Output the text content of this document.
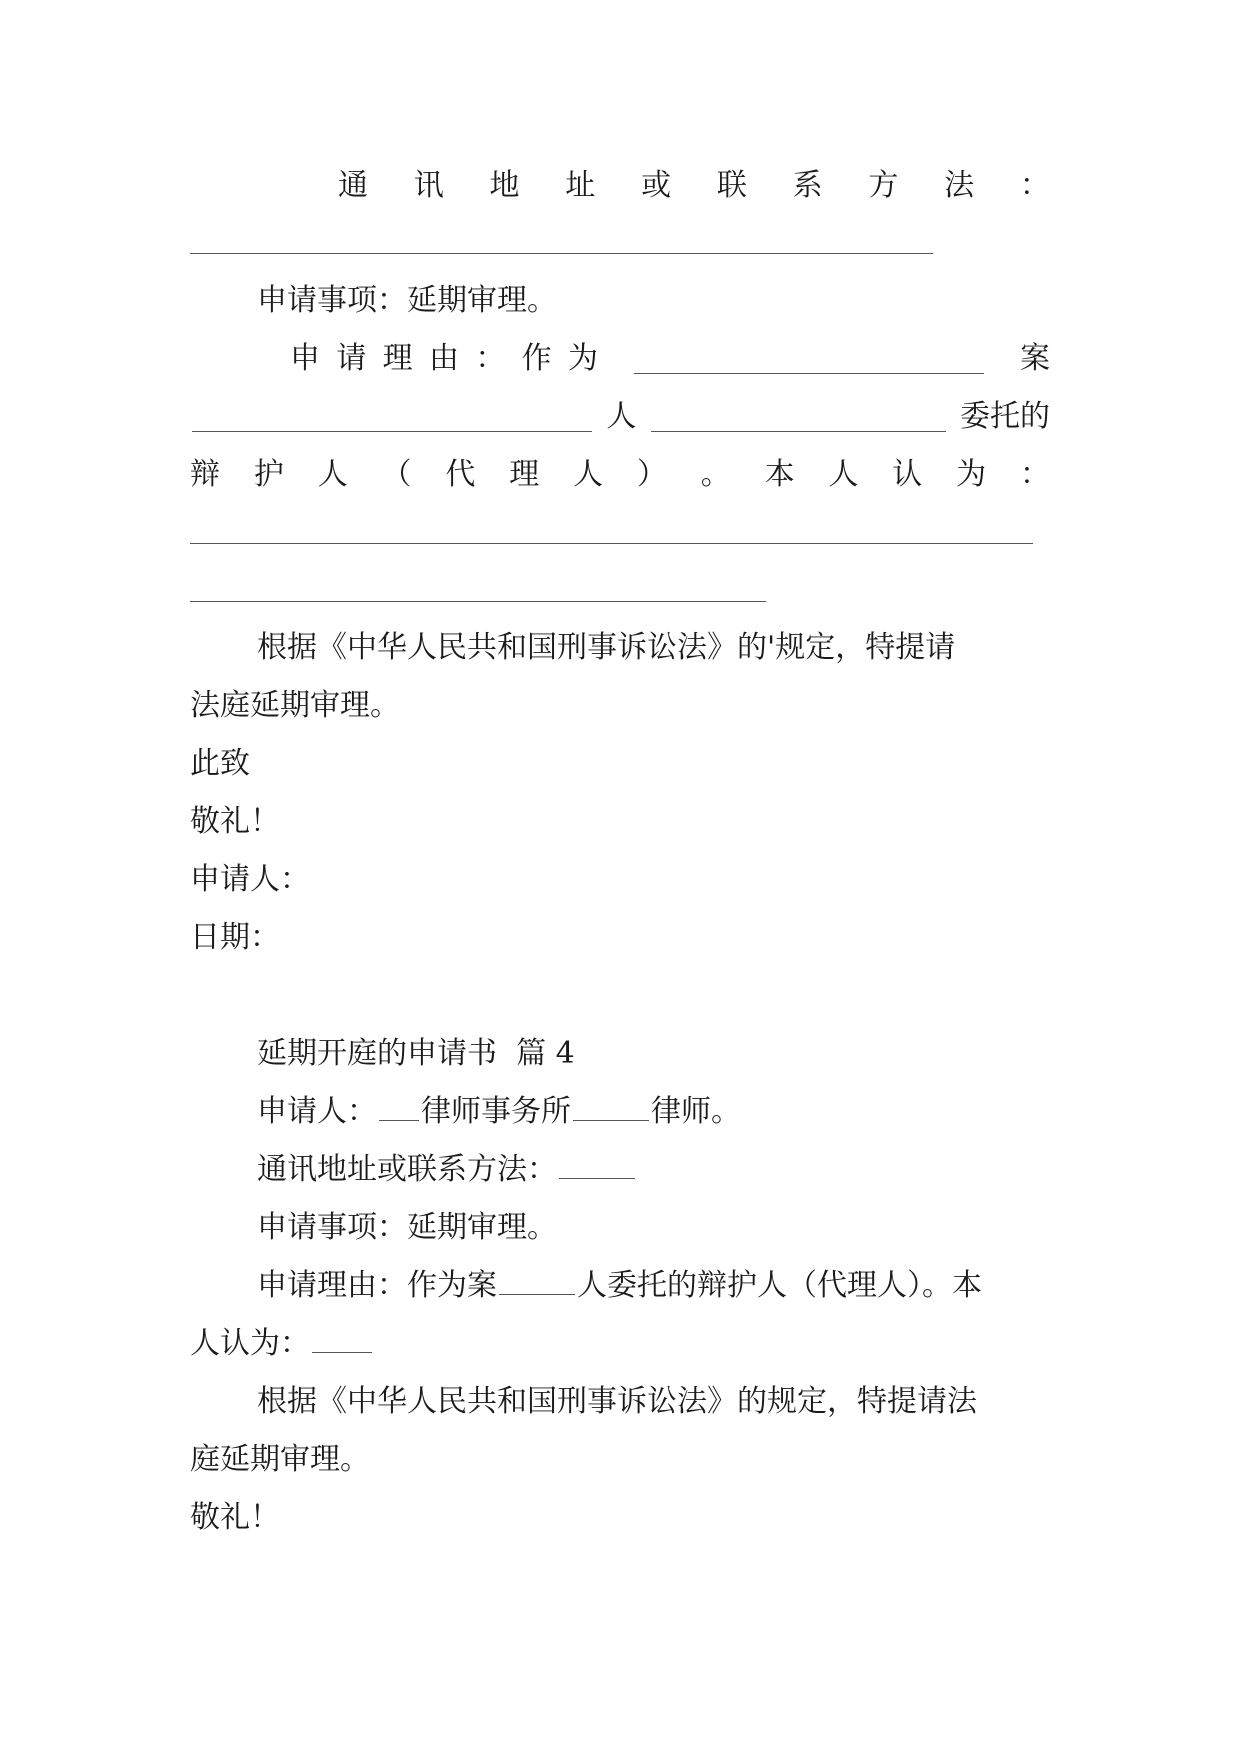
通 讯 地 址 或 联 系 方 法 ：
申请事项：延期审理。
申 请 理 由 ： 作 为	案
人	委托的
辩 护 人 （ 代 理 人 ） 。 本 人 认 为 ：
根据《中华人民共和国刑事诉讼法》的'规定，特提请
法庭延期审理。
此致
敬礼！
申请人：
日期：
延期开庭的申请书  篇 4
申请人： 律师事务所	律师。
通讯地址或联系方法：
申请事项：延期审理。
申请理由：作为案	人委托的辩护人（代理人）。本
人认为：
根据《中华人民共和国刑事诉讼法》的规定，特提请法
庭延期审理。
敬礼！
